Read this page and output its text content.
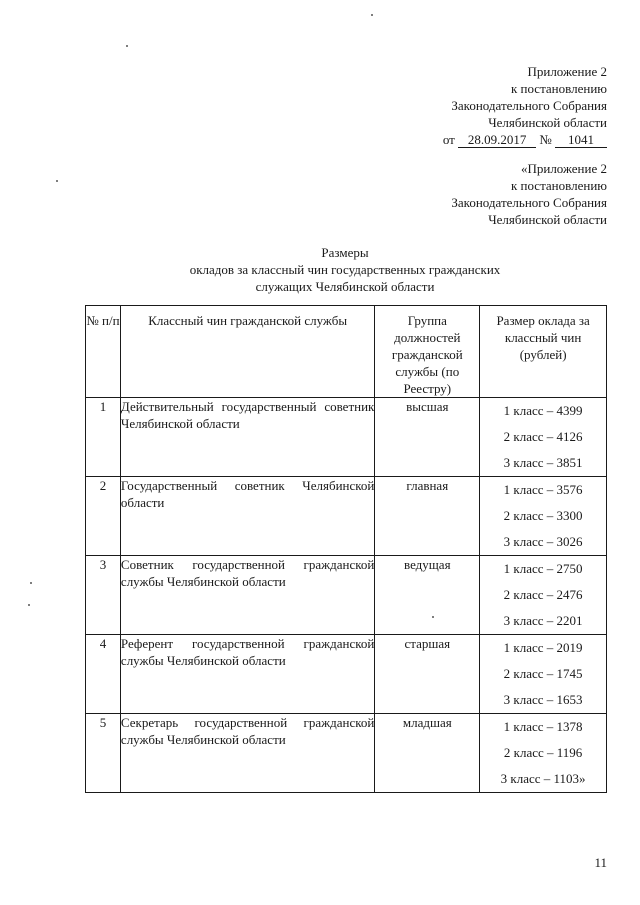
Приложение 2
к постановлению
Законодательного Собрания
Челябинской области
от 28.09.2017 № 1041
«Приложение 2
к постановлению
Законодательного Собрания
Челябинской области
Размеры
окладов за классный чин государственных гражданских
служащих Челябинской области
№ п/п	Классный чин гражданской службы	Группа должностей гражданской службы (по Реестру)	Размер оклада за классный чин (рублей)
1	Действительный государственный советник Челябинской области	высшая	1 класс – 4399
2 класс – 4126
3 класс – 3851

2	Государственный советник Челябинской области	главная	1 класс – 3576
2 класс – 3300
3 класс – 3026

3	Советник государственной гражданской службы Челябинской области	ведущая	1 класс – 2750
2 класс – 2476
3 класс – 2201

4	Референт государственной гражданской службы Челябинской области	старшая	1 класс – 2019
2 класс – 1745
3 класс – 1653

5	Секретарь государственной гражданской службы Челябинской области	младшая	1 класс – 1378
2 класс – 1196
3 класс – 1103»
11
